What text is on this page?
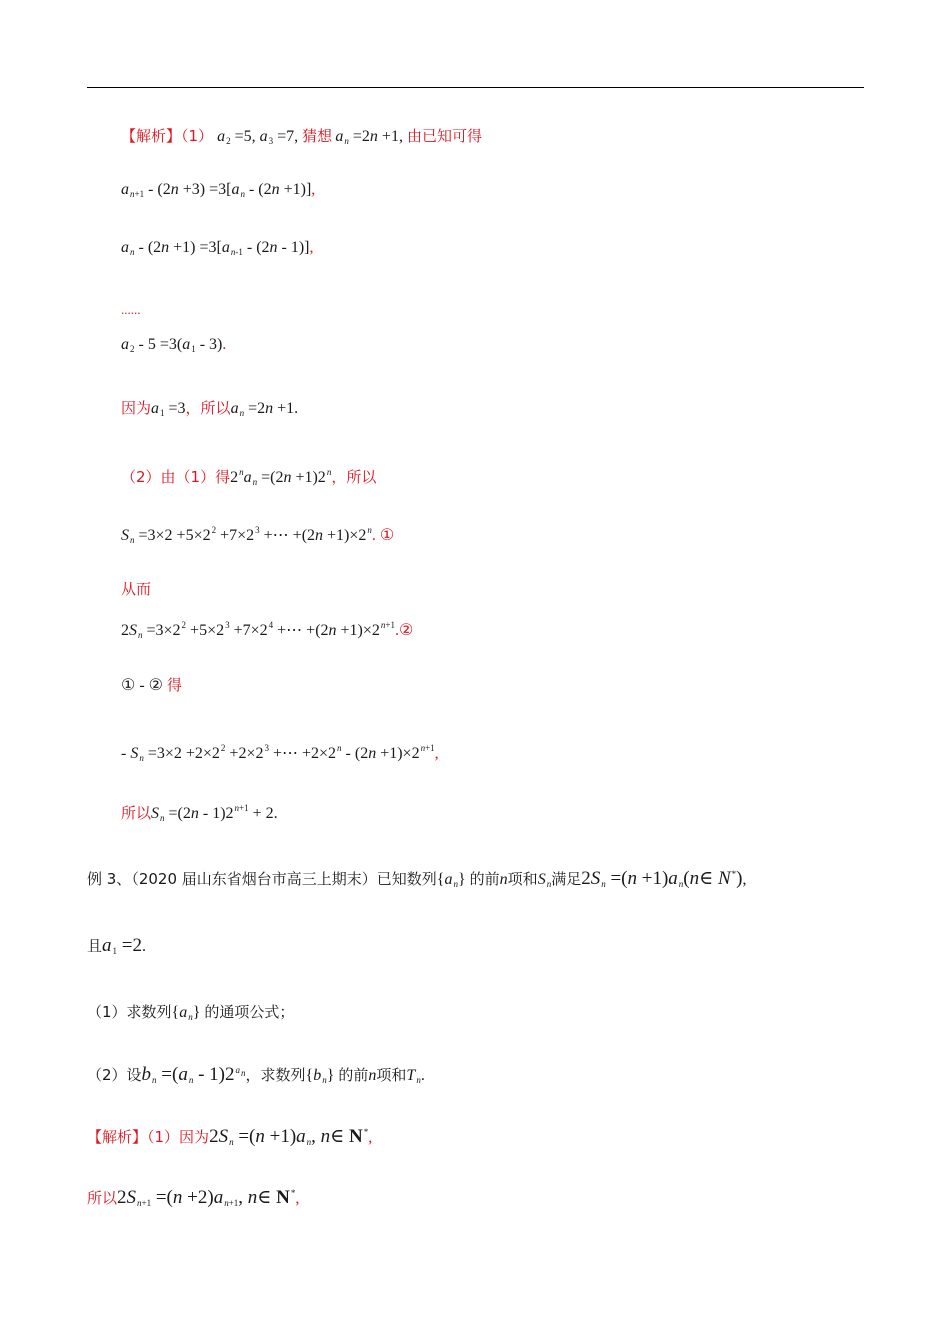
【解析】（1） $a_2 =5$, $a_3 =7$, 猜想 $a_n =2n +1$, 由已知可得
$a_{n+1} - (2n +3) =3[a_n - (2n +1)]$,
$a_n - (2n +1) =3[a_{n-1} - (2n - 1)]$,
......
$a_2 - 5 =3(a_1 - 3)$.
因为$a_1 =3$，所以$a_n =2n +1$.
（2）由（1）得$2^na_n =(2n +1)2^n$，所以
$S_n =3\times 2 +5\times 2^2 +7\times 2^3$ +⋯ $+(2n +1)\times 2^n$. ①
从而
$2S_n =3\times 2^2 +5\times 2^3 +7\times 2^4$ +⋯ $+(2n +1)\times 2^{n+1}.②$
① - ② 得
- $S_n =3\times 2 +2\times 2^2 +2\times 2^3$ +⋯ $+2\times 2^n - (2n +1)\times 2^{n+1}$,
所以$S_n =(2n - 1)2^{n+1} + 2$.
例 3、（2020 届山东省烟台市高三上期末）已知数列$\{a_n\}$ 的前n项和$S_n$满足$2S_n =(n$ $+1)a_n(n\in$ N*),
且$a_1 =2$.
（1）求数列$\{a_n\}$ 的通项公式；
（2）设$b_n =(a_n - 1)2^{a_n}$，求数列$\{b_n\}$ 的前n项和$T_n$.
【解析】（1）因为$2S_n =(n +1)a_n$, n∈ N*,
所以$2S_{n+1} =(n +2)a_{n+1}$, n∈ N*,
